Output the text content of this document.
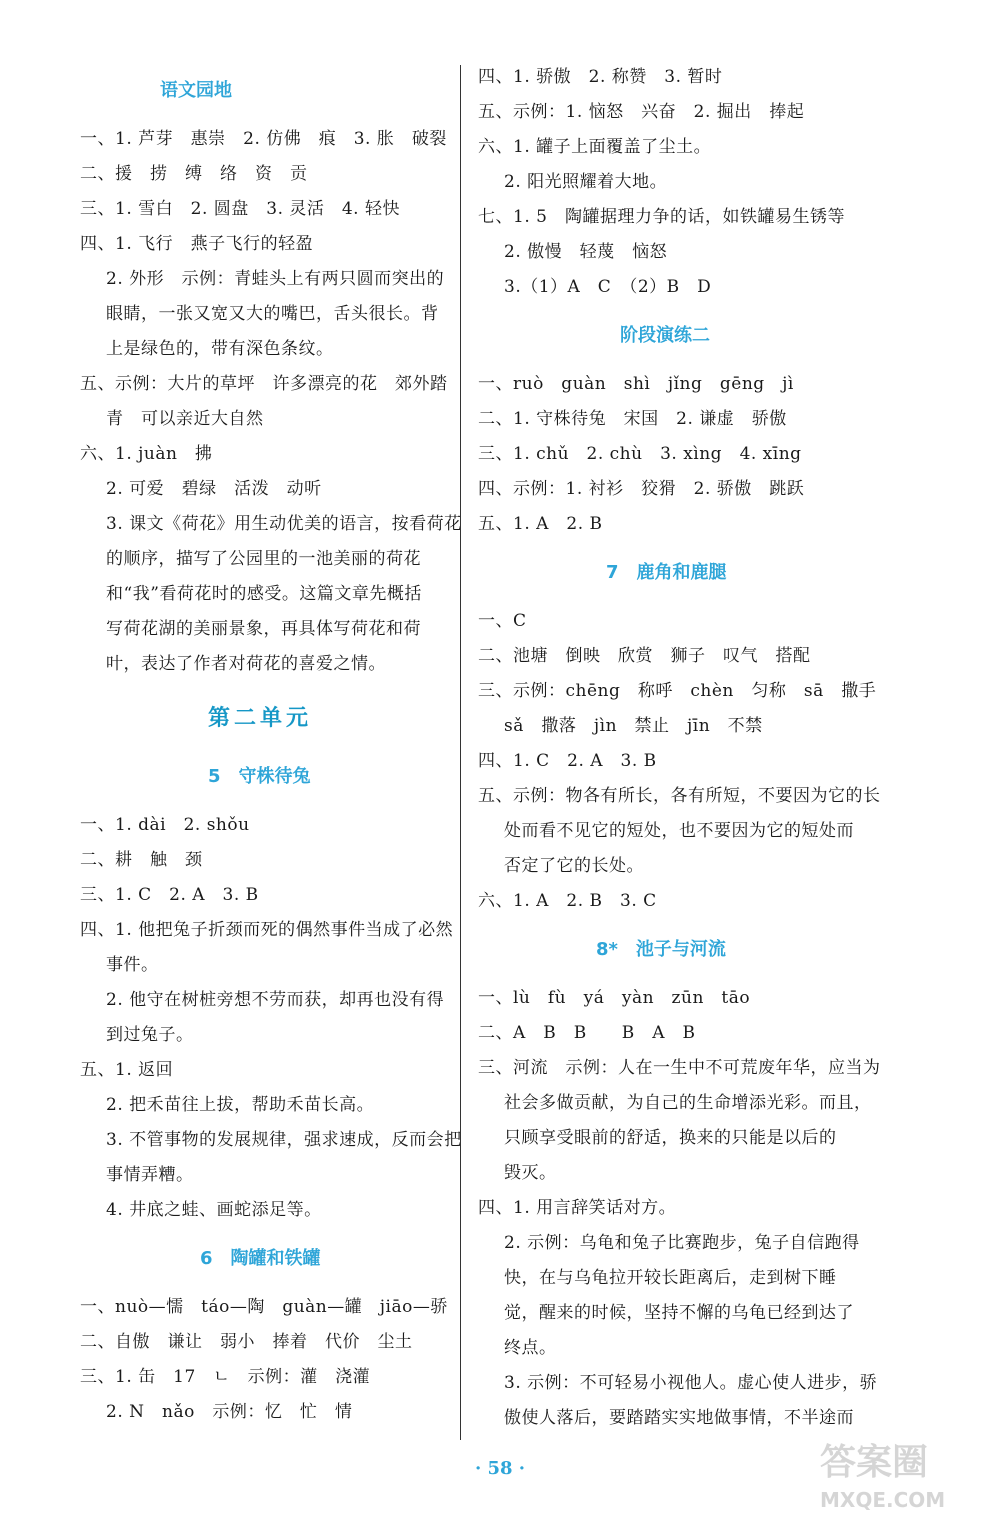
语文园地
一、1. 芦芽　惠崇　2. 仿佛　痕　3. 胀　破裂
二、援　捞　缚　络　资　贡
三、1. 雪白　2. 圆盘　3. 灵活　4. 轻快
四、1. 飞行　燕子飞行的轻盈
2. 外形　示例：青蛙头上有两只圆而突出的
眼睛，一张又宽又大的嘴巴，舌头很长。背
上是绿色的，带有深色条纹。
五、示例：大片的草坪　许多漂亮的花　郊外踏
青　可以亲近大自然
六、1. juàn　拂
2. 可爱　碧绿　活泼　动听
3. 课文《荷花》用生动优美的语言，按看荷花
的顺序，描写了公园里的一池美丽的荷花
和“我”看荷花时的感受。这篇文章先概括
写荷花湖的美丽景象，再具体写荷花和荷
叶，表达了作者对荷花的喜爱之情。
第二单元
5　守株待兔
一、1. dài　2. shǒu
二、耕　触　颈
三、1. C　2. A　3. B
四、1. 他把兔子折颈而死的偶然事件当成了必然
事件。
2. 他守在树桩旁想不劳而获，却再也没有得
到过兔子。
五、1. 返回
2. 把禾苗往上拔，帮助禾苗长高。
3. 不管事物的发展规律，强求速成，反而会把
事情弄糟。
4. 井底之蛙、画蛇添足等。
6　陶罐和铁罐
一、nuò—懦　táo—陶　guàn—罐　jiāo—骄
二、自傲　谦让　弱小　捧着　代价　尘土
三、1. 缶　17　ㄴ　示例：灌　浇灌
2. N　nǎo　示例：忆　忙　情
四、1. 骄傲　2. 称赞　3. 暂时
五、示例：1. 恼怒　兴奋　2. 掘出　捧起
六、1. 罐子上面覆盖了尘土。
2. 阳光照耀着大地。
七、1. 5　陶罐据理力争的话，如铁罐易生锈等
2. 傲慢　轻蔑　恼怒
3.（1）A　C　（2）B　D
阶段演练二
一、ruò　guàn　shì　jǐng　gēng　jì
二、1. 守株待兔　宋国　2. 谦虚　骄傲
三、1. chǔ　2. chù　3. xìng　4. xīng
四、示例：1. 衬衫　狡猾　2. 骄傲　跳跃
五、1. A　2. B
7　鹿角和鹿腿
一、C
二、池塘　倒映　欣赏　狮子　叹气　搭配
三、示例：chēng　称呼　chèn　匀称　sā　撒手
sǎ　撒落　jìn　禁止　jīn　不禁
四、1. C　2. A　3. B
五、示例：物各有所长，各有所短，不要因为它的长
处而看不见它的短处，也不要因为它的短处而
否定了它的长处。
六、1. A　2. B　3. C
8*　池子与河流
一、lù　fù　yá　yàn　zūn　tāo
二、A　B　B　　B　A　B
三、河流　示例：人在一生中不可荒废年华，应当为
社会多做贡献，为自己的生命增添光彩。而且，
只顾享受眼前的舒适，换来的只能是以后的
毁灭。
四、1. 用言辞笑话对方。
2. 示例：乌龟和兔子比赛跑步，兔子自信跑得
快，在与乌龟拉开较长距离后，走到树下睡
觉，醒来的时候，坚持不懈的乌龟已经到达了
终点。
3. 示例：不可轻易小视他人。虚心使人进步，骄
傲使人落后，要踏踏实实地做事情，不半途而
· 58 ·	答案圈
MXQE.COM
